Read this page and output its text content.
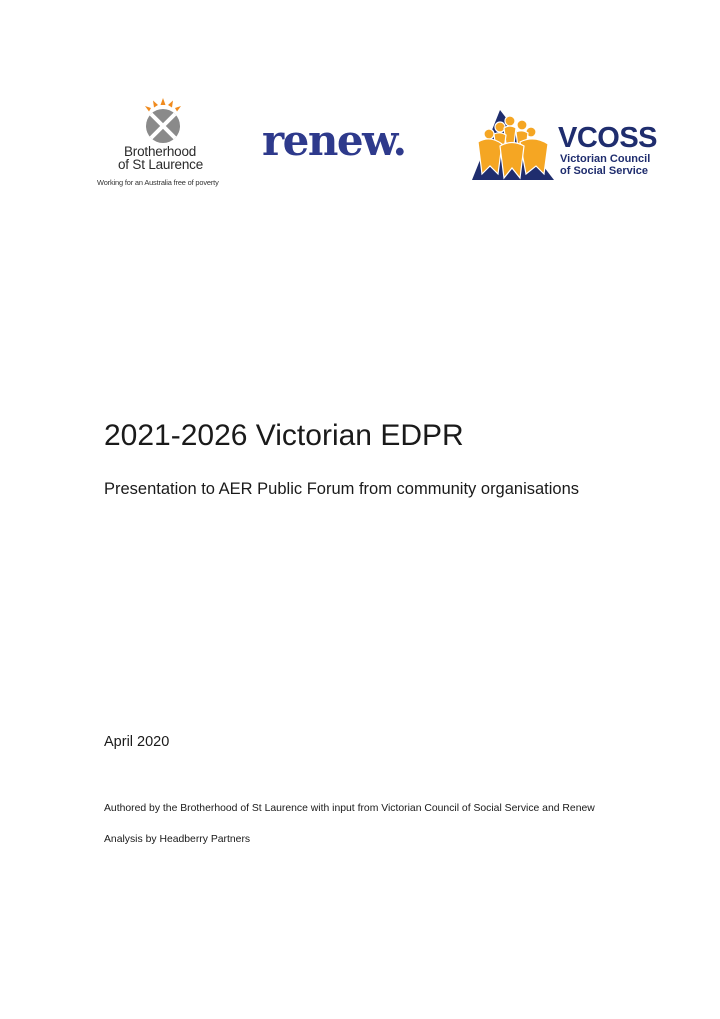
Brotherhood
of St Laurence
Working for an Australia free of poverty
renew.	VCOSS
Victorian Council
of Social Service
2021-2026 Victorian EDPR

Presentation to AER Public Forum from community organisations

April 2020

Authored by the Brotherhood of St Laurence with input from Victorian Council of Social Service and Renew

Analysis by Headberry Partners
